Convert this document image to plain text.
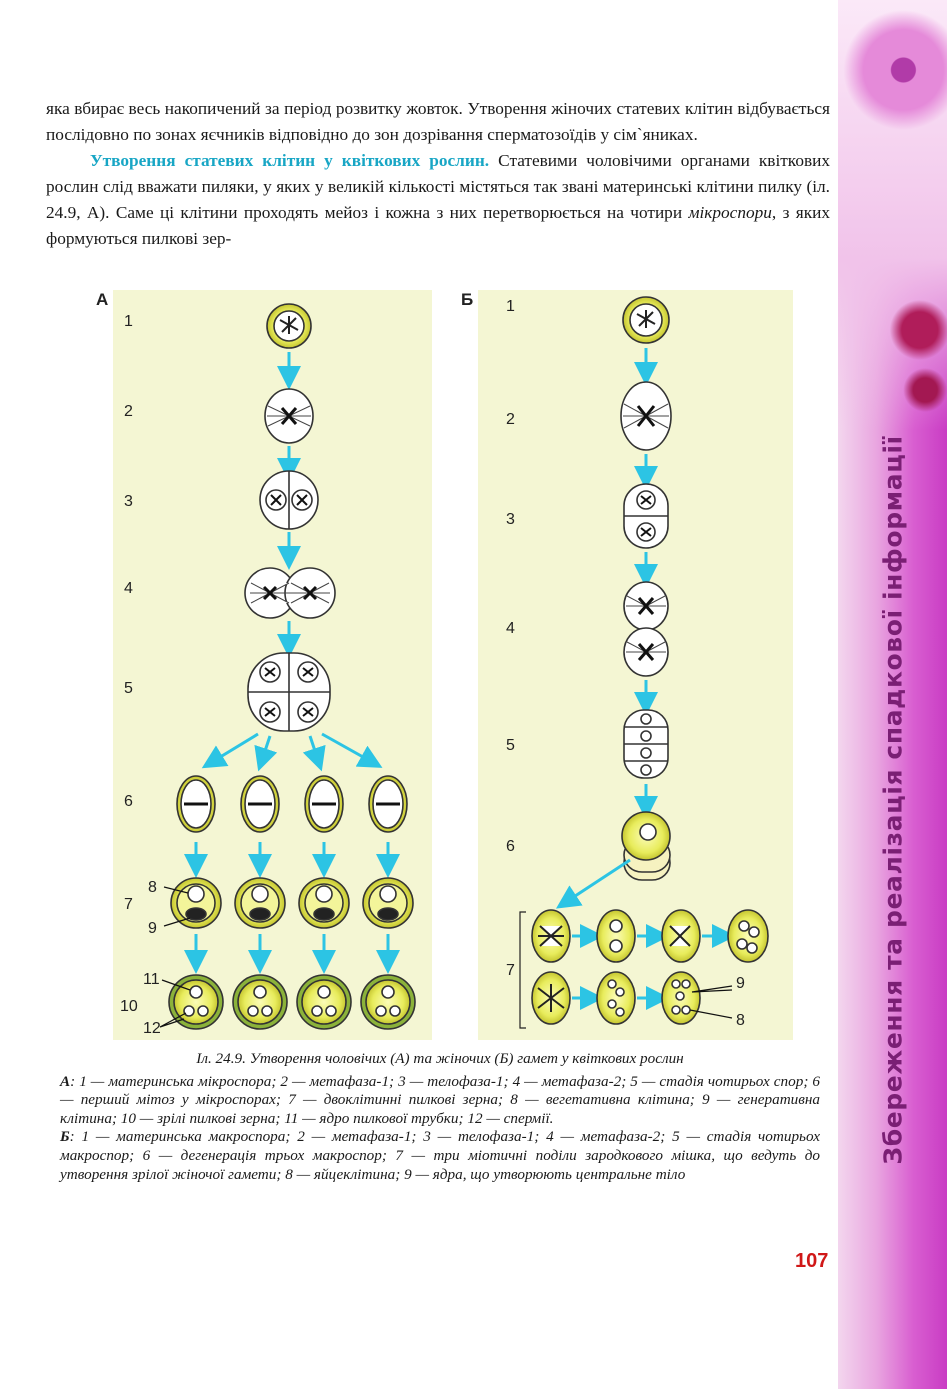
Збереження та реалізація спадкової інформації

яка вбирає весь накопичений за період розвитку жовток. Утворення жіночих статевих клітин відбувається послідовно по зонах яєчників відповідно до зон дозрівання сперматозоїдів у сім`яниках.

Утворення статевих клітин у квіткових рослин. Статевими чоловічими органами квіткових рослин слід вважати пиляки, у яких у великій кількості містяться так звані материнські клітини пилку (іл. 24.9, А). Саме ці клітини проходять мейоз і кожна з них перетворюється на чотири мікроспори, з яких формуються пилкові зер-

А	Б
1
2
3
4
5
6
7
10
8
9
11
12
1
2
3
4
5
6
7
9
8

Іл. 24.9. Утворення чоловічих (А) та жіночих (Б) гамет у квіткових рослин

А: 1 — материнська мікроспора; 2 — метафаза-1; 3 — телофаза-1; 4 — метафаза-2; 5 — стадія чотирьох спор; 6 — перший мітоз у мікроспорах; 7 — двоклітинні пилкові зерна; 8 — вегетативна клітина; 9 — генеративна клітина; 10 — зрілі пилкові зерна; 11 — ядро пилкової трубки; 12 — спермії.

Б: 1 — материнська макроспора; 2 — метафаза-1; 3 — телофаза-1; 4 — метафаза-2; 5 — стадія чотирьох макроспор; 6 — дегенерація трьох макроспор; 7 — три міотичні поділи зародкового мішка, що ведуть до утворення зрілої жіночої гамети; 8 — яйцеклітина; 9 — ядра, що утворюють центральне тіло

107
